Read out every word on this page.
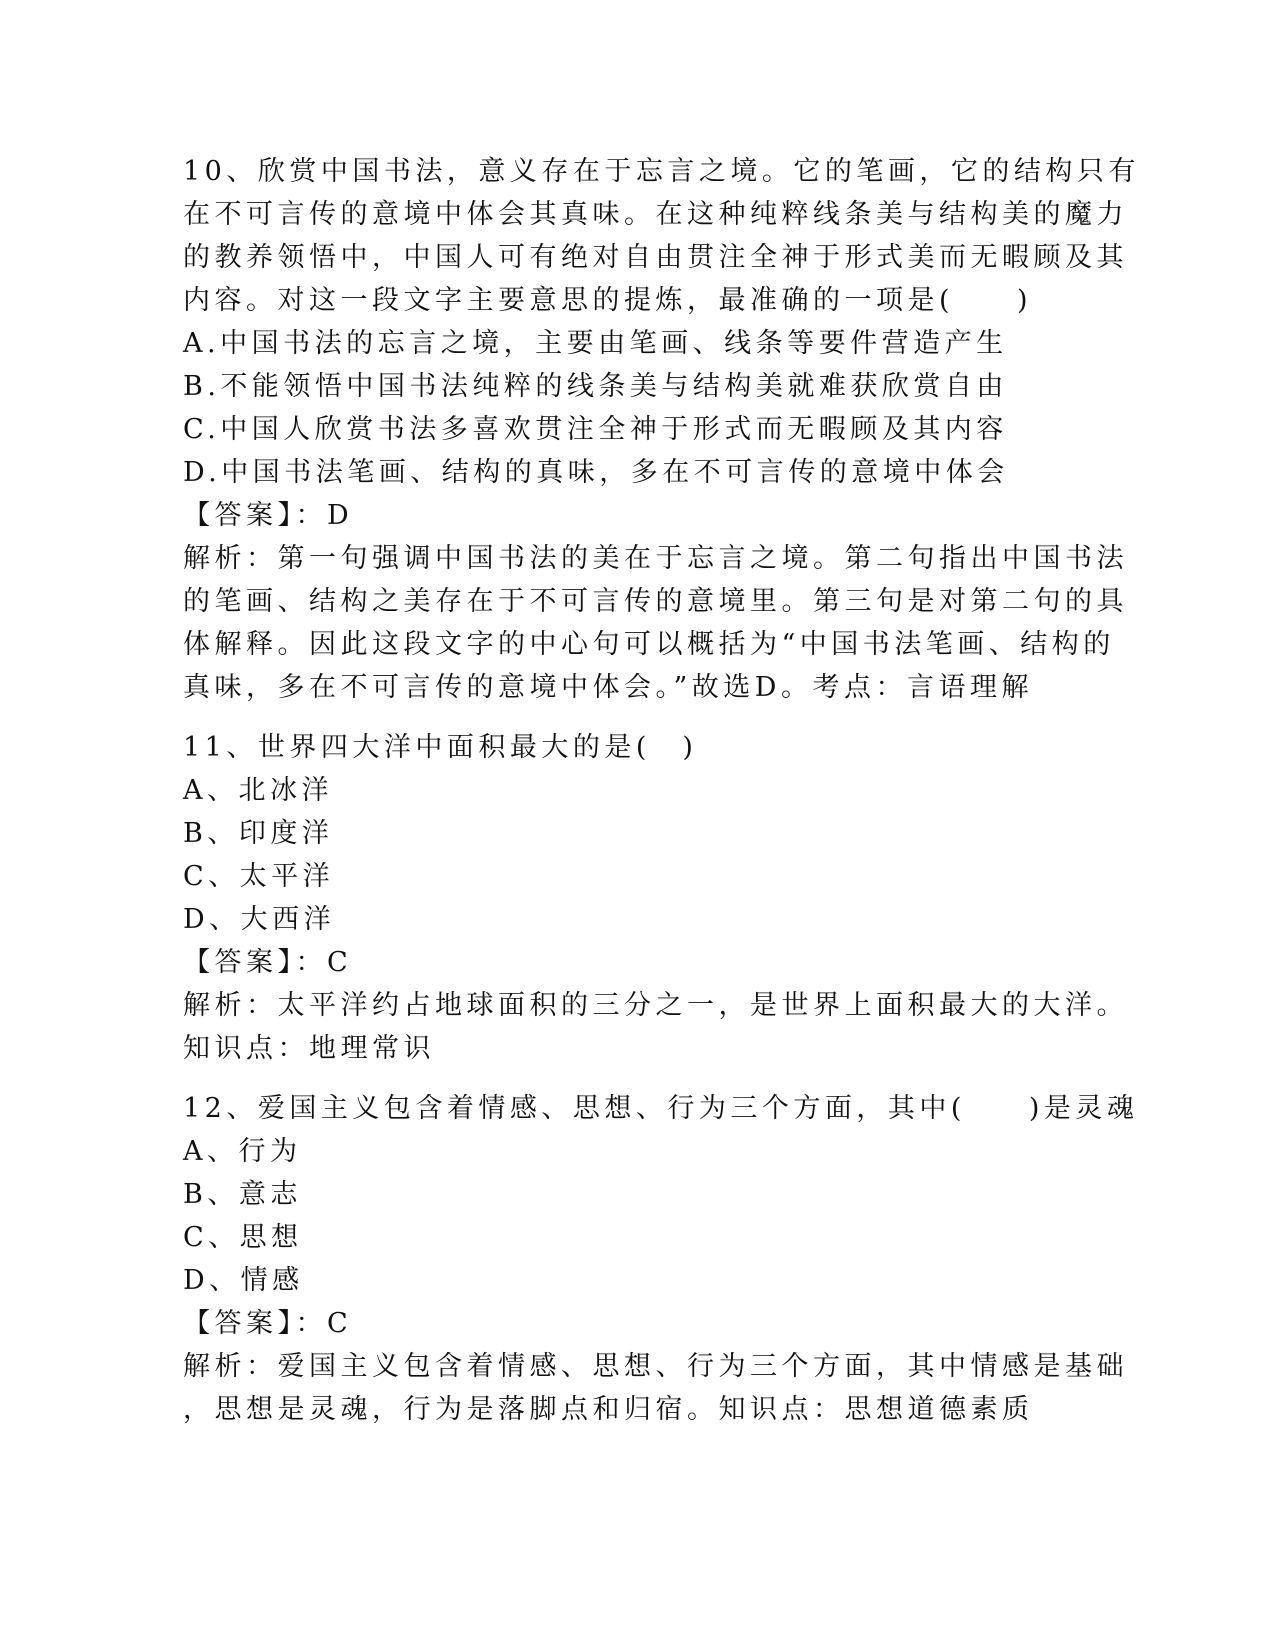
10、欣赏中国书法，意义存在于忘言之境。它的笔画，它的结构只有
在不可言传的意境中体会其真味。在这种纯粹线条美与结构美的魔力
的教养领悟中，中国人可有绝对自由贯注全神于形式美而无暇顾及其
内容。对这一段文字主要意思的提炼，最准确的一项是(　　)
A.中国书法的忘言之境，主要由笔画、线条等要件营造产生
B.不能领悟中国书法纯粹的线条美与结构美就难获欣赏自由
C.中国人欣赏书法多喜欢贯注全神于形式而无暇顾及其内容
D.中国书法笔画、结构的真味，多在不可言传的意境中体会
【答案】：D
解析：第一句强调中国书法的美在于忘言之境。第二句指出中国书法
的笔画、结构之美存在于不可言传的意境里。第三句是对第二句的具
体解释。因此这段文字的中心句可以概括为“中国书法笔画、结构的
真味，多在不可言传的意境中体会。”故选D。考点：言语理解
11、世界四大洋中面积最大的是(　)
A、北冰洋
B、印度洋
C、太平洋
D、大西洋
【答案】：C
解析：太平洋约占地球面积的三分之一，是世界上面积最大的大洋。
知识点：地理常识
12、爱国主义包含着情感、思想、行为三个方面，其中(　　)是灵魂
A、行为
B、意志
C、思想
D、情感
【答案】：C
解析：爱国主义包含着情感、思想、行为三个方面，其中情感是基础
，思想是灵魂，行为是落脚点和归宿。知识点：思想道德素质
